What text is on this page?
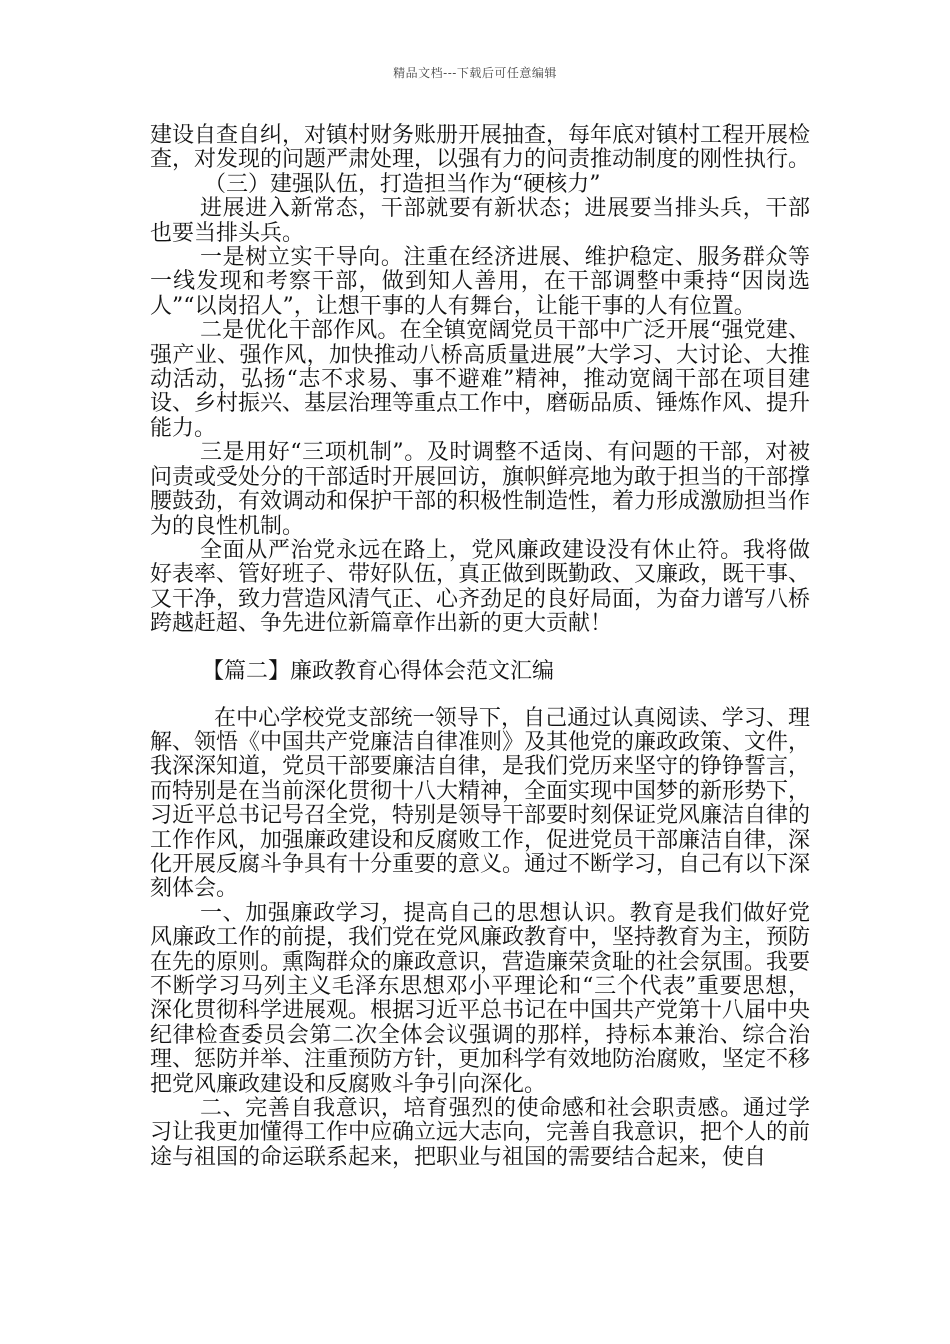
精品文档---下载后可任意编辑

建设自查自纠，对镇村财务账册开展抽查，每年底对镇村工程开展检查，对发现的问题严肃处理，以强有力的问责推动制度的刚性执行。

（三）建强队伍，打造担当作为“硬核力”

进展进入新常态，干部就要有新状态；进展要当排头兵，干部也要当排头兵。

一是树立实干导向。注重在经济进展、维护稳定、服务群众等一线发现和考察干部，做到知人善用，在干部调整中秉持“因岗选人”“以岗招人”，让想干事的人有舞台，让能干事的人有位置。

二是优化干部作风。在全镇宽阔党员干部中广泛开展“强党建、强产业、强作风，加快推动八桥高质量进展”大学习、大讨论、大推动活动，弘扬“志不求易、事不避难”精神，推动宽阔干部在项目建设、乡村振兴、基层治理等重点工作中，磨砺品质、锤炼作风、提升能力。

三是用好“三项机制”。及时调整不适岗、有问题的干部，对被问责或受处分的干部适时开展回访，旗帜鲜亮地为敢于担当的干部撑腰鼓劲，有效调动和保护干部的积极性制造性，着力形成激励担当作为的良性机制。

全面从严治党永远在路上，党风廉政建设没有休止符。我将做好表率、管好班子、带好队伍，真正做到既勤政、又廉政，既干事、又干净，致力营造风清气正、心齐劲足的良好局面，为奋力谱写八桥跨越赶超、争先进位新篇章作出新的更大贡献！

【篇二】廉政教育心得体会范文汇编

在中心学校党支部统一领导下，自己通过认真阅读、学习、理解、领悟《中国共产党廉洁自律准则》及其他党的廉政政策、文件，我深深知道，党员干部要廉洁自律，是我们党历来坚守的铮铮誓言，而特别是在当前深化贯彻十八大精神，全面实现中国梦的新形势下，习近平总书记号召全党，特别是领导干部要时刻保证党风廉洁自律的工作作风，加强廉政建设和反腐败工作，促进党员干部廉洁自律，深化开展反腐斗争具有十分重要的意义。通过不断学习，自己有以下深刻体会。

一、加强廉政学习，提高自己的思想认识。教育是我们做好党风廉政工作的前提，我们党在党风廉政教育中，坚持教育为主，预防在先的原则。熏陶群众的廉政意识，营造廉荣贪耻的社会氛围。我要不断学习马列主义毛泽东思想邓小平理论和“三个代表”重要思想，深化贯彻科学进展观。根据习近平总书记在中国共产党第十八届中央纪律检查委员会第二次全体会议强调的那样，持标本兼治、综合治理、惩防并举、注重预防方针，更加科学有效地防治腐败，坚定不移把党风廉政建设和反腐败斗争引向深化。

二、完善自我意识，培育强烈的使命感和社会职责感。通过学习让我更加懂得工作中应确立远大志向，完善自我意识，把个人的前途与祖国的命运联系起来，把职业与祖国的需要结合起来，使自
